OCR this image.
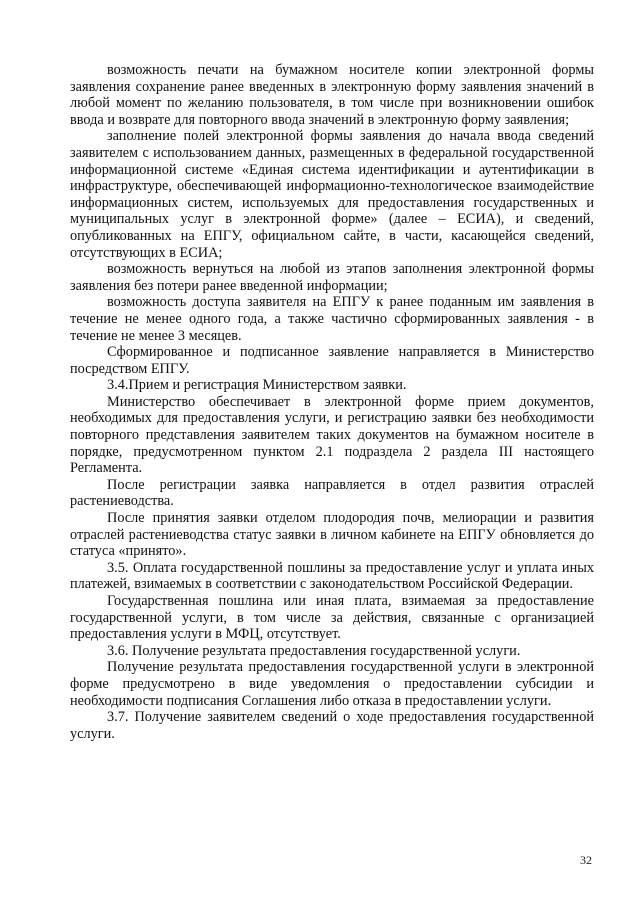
возможность печати на бумажном носителе копии электронной формы заявления сохранение ранее введенных в электронную форму заявления значений в любой момент по желанию пользователя, в том числе при возникновении ошибок ввода и возврате для повторного ввода значений в электронную форму заявления;

заполнение полей электронной формы заявления до начала ввода сведений заявителем с использованием данных, размещенных в федеральной государственной информационной системе «Единая система идентификации и аутентификации в инфраструктуре, обеспечивающей информационно-технологическое взаимодействие информационных систем, используемых для предоставления государственных и муниципальных услуг в электронной форме» (далее – ЕСИА), и сведений, опубликованных на ЕПГУ, официальном сайте, в части, касающейся сведений, отсутствующих в ЕСИА;

возможность вернуться на любой из этапов заполнения электронной формы заявления без потери ранее введенной информации;

возможность доступа заявителя на ЕПГУ к ранее поданным им заявления в течение не менее одного года, а также частично сформированных заявления - в течение не менее 3 месяцев.

Сформированное и подписанное заявление направляется в Министерство посредством ЕПГУ.

3.4.Прием и регистрация Министерством заявки.

Министерство обеспечивает в электронной форме прием документов, необходимых для предоставления услуги, и регистрацию заявки без необходимости повторного представления заявителем таких документов на бумажном носителе в порядке, предусмотренном пунктом 2.1 подраздела 2 раздела III настоящего Регламента.

После регистрации заявка направляется в отдел развития отраслей растениеводства.

После принятия заявки отделом плодородия почв, мелиорации и развития отраслей растениеводства статус заявки в личном кабинете на ЕПГУ обновляется до статуса «принято».

3.5. Оплата государственной пошлины за предоставление услуг и уплата иных платежей, взимаемых в соответствии с законодательством Российской Федерации.

Государственная пошлина или иная плата, взимаемая за предоставление государственной услуги, в том числе за действия, связанные с организацией предоставления услуги в МФЦ, отсутствует.

3.6. Получение результата предоставления государственной услуги.

Получение результата предоставления государственной услуги в электронной форме предусмотрено в виде уведомления о предоставлении субсидии и необходимости подписания Соглашения либо отказа в предоставлении услуги.

3.7. Получение заявителем сведений о ходе предоставления государственной услуги.

32
